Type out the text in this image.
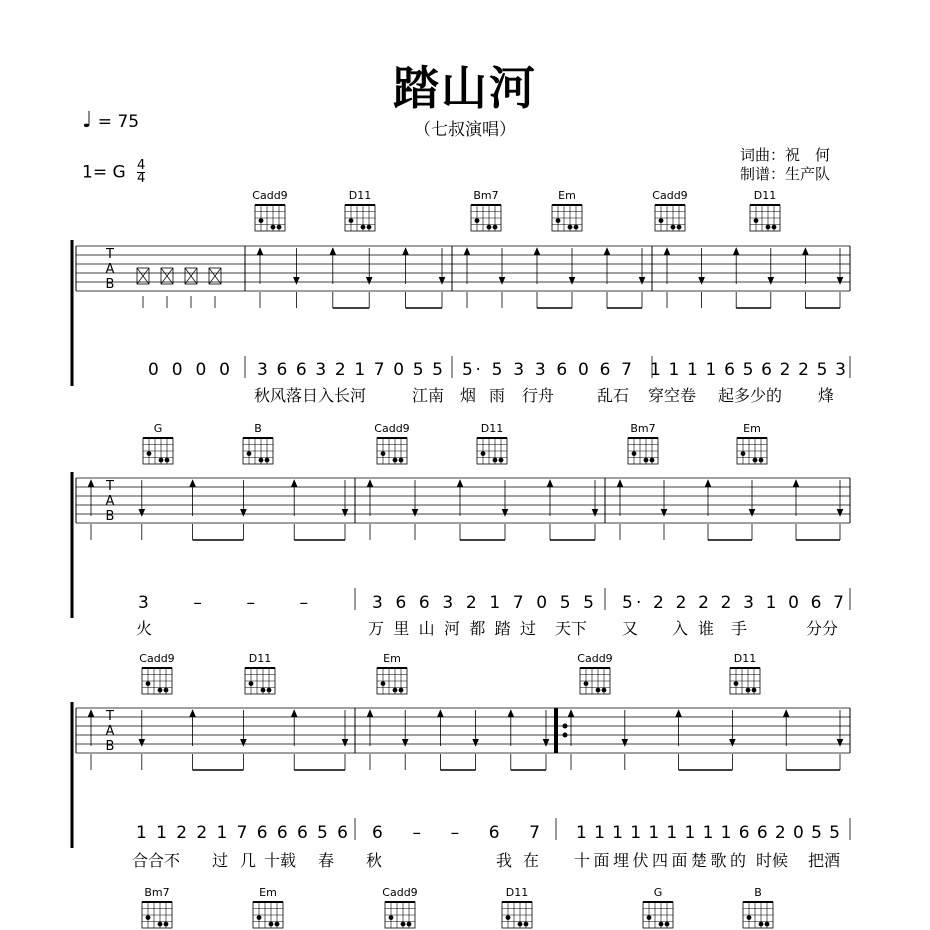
踏山河
（七叔演唱）
♩ = 75
1= G $\frac{4}{4}$
词曲：祝　何
制谱：生产队
Cadd9	D11	Bm7	Em	Cadd9	D11
G	B	Cadd9	D11	Bm7	Em
Cadd9	D11	Em	Cadd9	D11
Bm7	Em	Cadd9	D11	G	B
T
A
B
T
A
B
T
A
B
0 0 0 0 3 6 6 3 2 1 7 0 5 5 5· 5 3 3 6 0 6 7 1 1 1 1 6 5 6 2 2 5 3
秋风落日入长河	江南 烟 雨 行舟	乱石 穿空卷 起多少的 烽
3 – – –	3 6 6 3 2 1 7 0 5 5 5· 2 2 2 2 3 1 0 6 7
火	万里山河都踏过 天下 又 入 谁 手	分分
1 1 2 2 1 7 6 6 6 5 6 6 – – 6 7 1 1 1 1 1 1 1 1 1 6 6 2 0 5 5
合合不 过 几 十载 春 秋	我 在 十面埋伏四面楚歌的 时候 把酒
